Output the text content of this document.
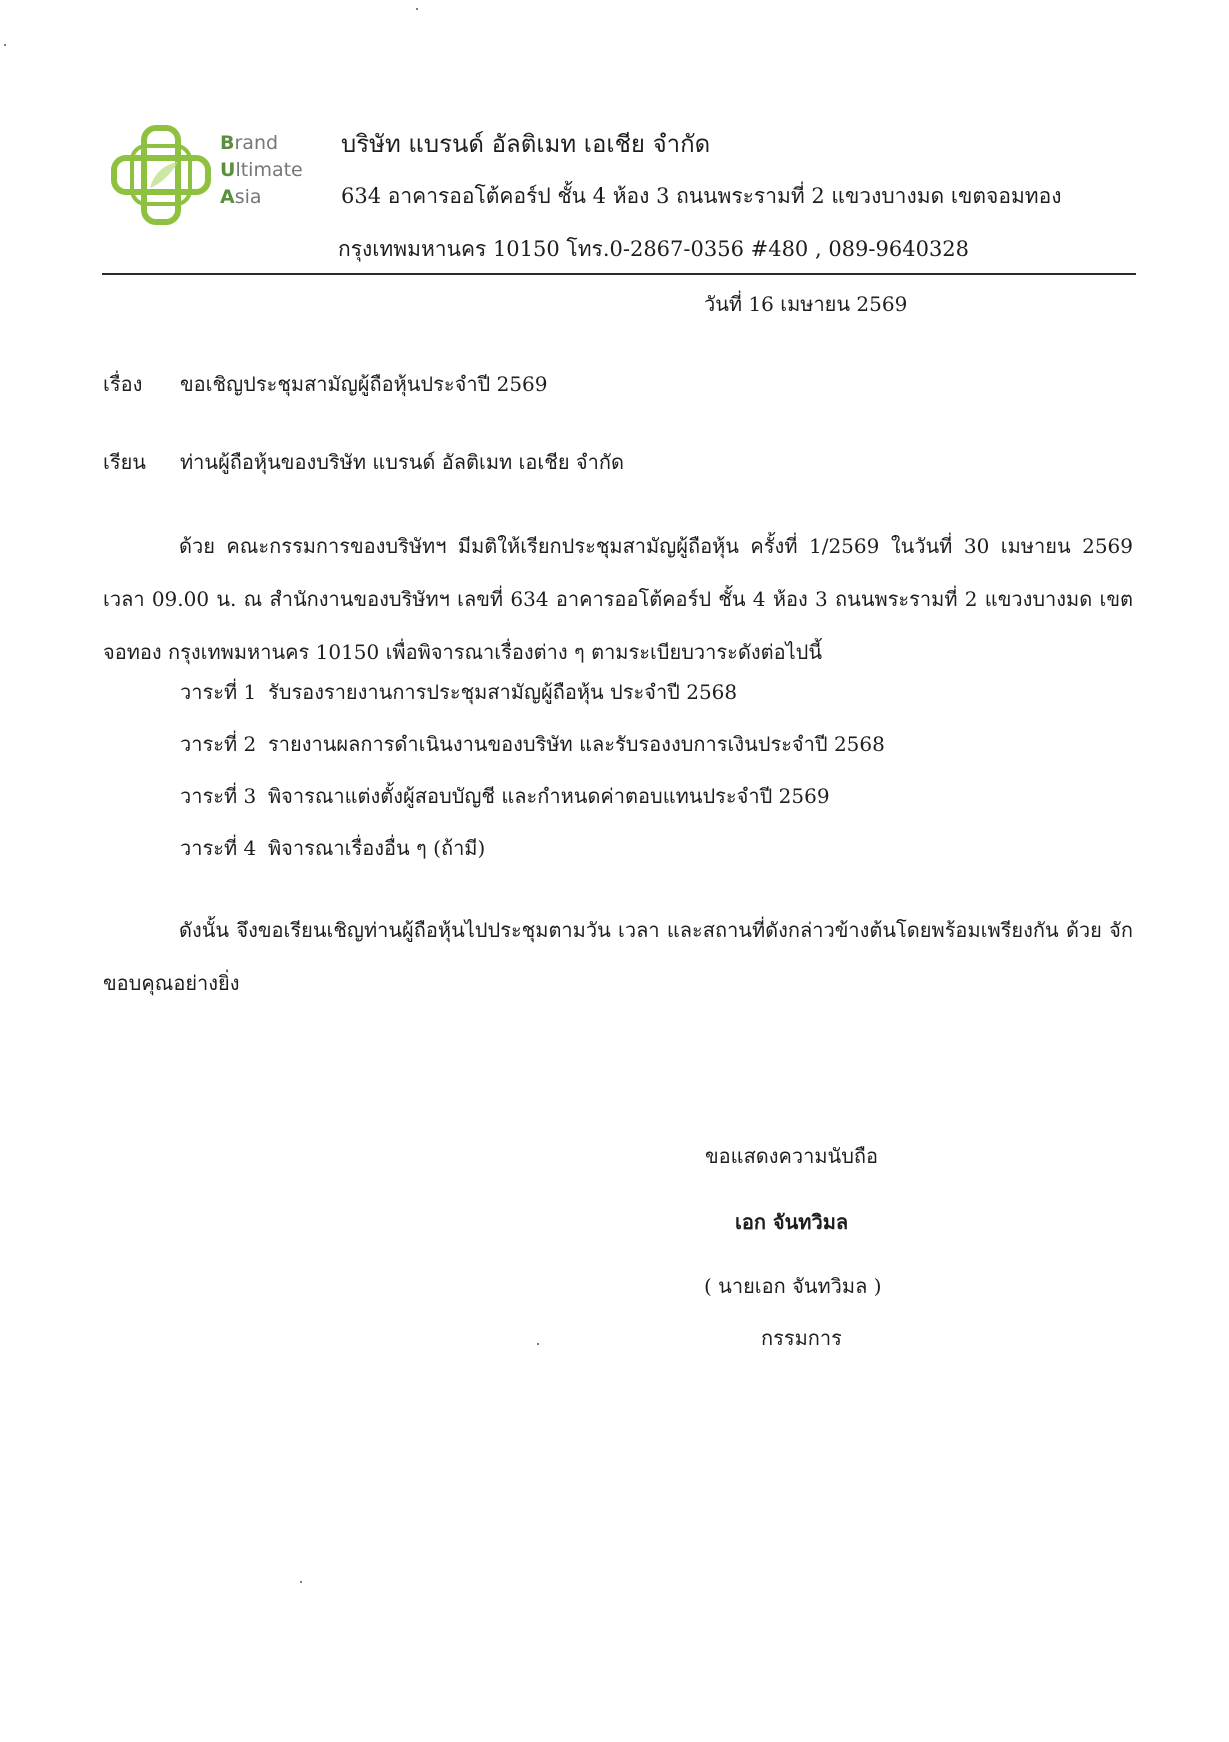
Brand
Ultimate
Asia
บริษัท แบรนด์ อัลติเมท เอเชีย จำกัด
634 อาคารออโต้คอร์ป ชั้น 4 ห้อง 3 ถนนพระรามที่ 2 แขวงบางมด เขตจอมทอง
กรุงเทพมหานคร 10150 โทร.0-2867-0356 #480 , 089-9640328
วันที่ 16 เมษายน 2569
เรื่อง ขอเชิญประชุมสามัญผู้ถือหุ้นประจำปี 2569
เรียน ท่านผู้ถือหุ้นของบริษัท แบรนด์ อัลติเมท เอเชีย จำกัด
ด้วย คณะกรรมการของบริษัทฯ มีมติให้เรียกประชุมสามัญผู้ถือหุ้น ครั้งที่ 1/2569 ในวันที่ 30 เมษายน 2569 เวลา 09.00 น. ณ สำนักงานของบริษัทฯ เลขที่ 634 อาคารออโต้คอร์ป ชั้น 4 ห้อง 3 ถนนพระรามที่ 2 แขวงบางมด เขตจอทอง กรุงเทพมหานคร 10150 เพื่อพิจารณาเรื่องต่าง ๆ ตามระเบียบวาระดังต่อไปนี้
วาระที่ 1 รับรองรายงานการประชุมสามัญผู้ถือหุ้น ประจำปี 2568
วาระที่ 2 รายงานผลการดำเนินงานของบริษัท และรับรองงบการเงินประจำปี 2568
วาระที่ 3 พิจารณาแต่งตั้งผู้สอบบัญชี และกำหนดค่าตอบแทนประจำปี 2569
วาระที่ 4 พิจารณาเรื่องอื่น ๆ (ถ้ามี)
ดังนั้น จึงขอเรียนเชิญท่านผู้ถือหุ้นไปประชุมตามวัน เวลา และสถานที่ดังกล่าวข้างต้นโดยพร้อมเพรียงกัน ด้วย จักขอบคุณอย่างยิ่ง
ขอแสดงความนับถือ
เอก จันทวิมล
( นายเอก จันทวิมล )
กรรมการ
